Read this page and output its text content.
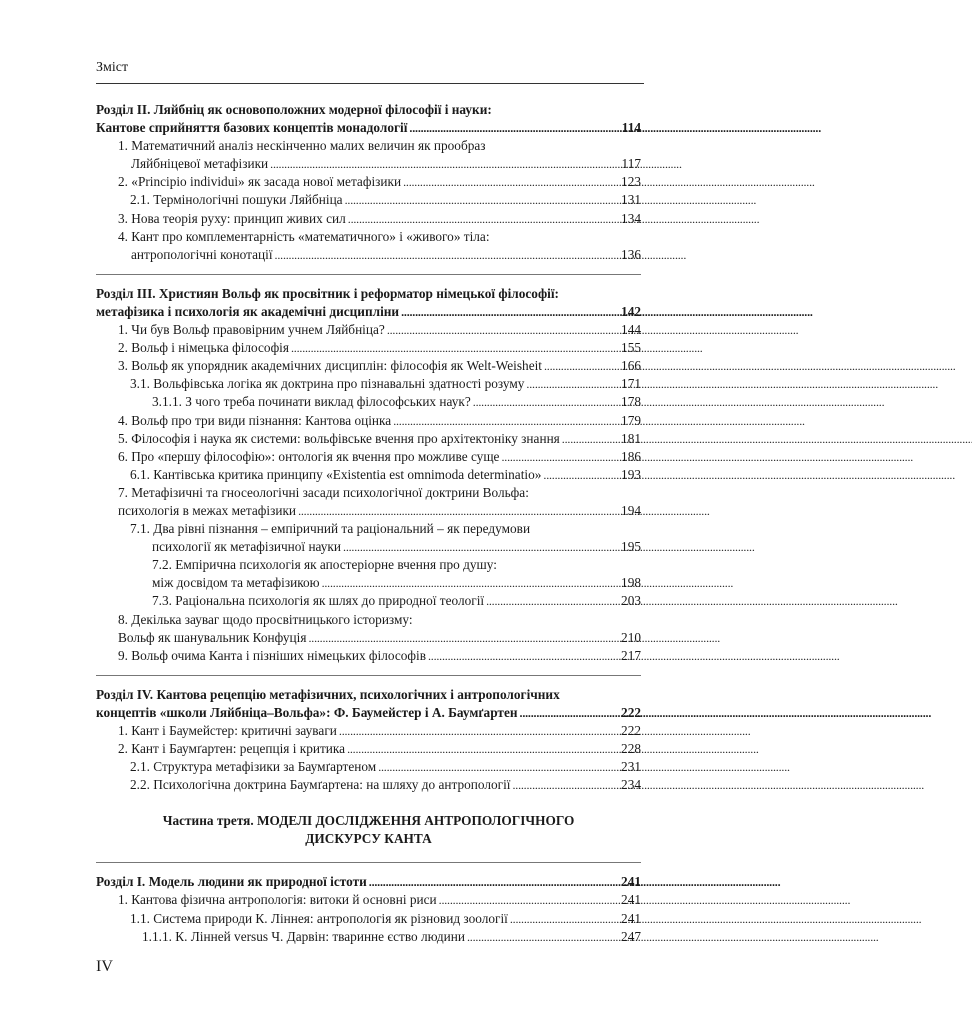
Зміст
Розділ ІІ. Ляйбніц як основоположних модерної філософії і науки:
Кантове сприйняття базових концептів монадології . . .	114
1. Математичний аналіз нескінченно малих величин як прообраз
Ляйбніцевої метафізики . . .	117
2. «Principio individui» як засада нової метафізики . . .	123
2.1. Термінологічні пошуки Ляйбніца . . .	131
3. Нова теорія руху: принцип живих сил . . .	134
4. Кант про комплементарність «математичного» і «живого» тіла:
антропологічні конотації . . .	136
Розділ ІІІ. Християн Вольф як просвітник і реформатор німецької філософії:
метафізика і психологія як академічні дисципліни . . .	142
1. Чи був Вольф правовірним учнем Ляйбніца? . . .	144
2. Вольф і німецька філософія . . .	155
3. Вольф як упорядник академічних дисциплін: філософія як Welt-Weisheit . . .	166
3.1. Вольфівська логіка як доктрина про пізнавальні здатності розуму . . .	171
3.1.1. З чого треба починати виклад філософських наук? . . .	178
4. Вольф про три види пізнання: Кантова оцінка . . .	179
5. Філософія і наука як системи: вольфівське вчення про архітектоніку знання . . .	181
6. Про «першу філософію»: онтологія як вчення про можливе суще . . .	186
6.1. Кантівська критика принципу «Existentia est omnimoda determinatio» . . .	193
7. Метафізичні та гносеологічні засади психологічної доктрини Вольфа:
психологія в межах метафізики . . .	194
7.1. Два рівні пізнання – емпіричний та раціональний – як передумови
психології як метафізичної науки . . .	195
7.2. Емпірична психологія як апостеріорне вчення про душу:
між досвідом та метафізикою . . .	198
7.3. Раціональна психологія як шлях до природної теології . . .	203
8. Декілька зауваг щодо просвітницького історизму:
Вольф як шанувальник Конфуція . . .	210
9. Вольф очима Канта і пізніших німецьких філософів . . .	217
Розділ IV. Кантова рецепцію метафізичних, психологічних і антропологічних
концептів «школи Ляйбніца–Вольфа»: Ф. Баумейстер і А. Баумґартен . . .	222
1. Кант і Баумейстер: критичні зауваги . . .	222
2. Кант і Баумґартен: рецепція і критика . . .	228
2.1. Структура метафізики за Баумґартеном . . .	231
2.2. Психологічна доктрина Баумґартена: на шляху до антропології . . .	234
Частина третя. МОДЕЛІ ДОСЛІДЖЕННЯ АНТРОПОЛОГІЧНОГО
ДИСКУРСУ КАНТА
Розділ І. Модель людини як природної істоти . . .	241
1. Кантова фізична антропологія: витоки й основні риси . . .	241
1.1. Система природи К. Ліннея: антропологія як різновид зоології . . .	241
1.1.1. К. Лінней versus Ч. Дарвін: тваринне єство людини . . .	247
IV
